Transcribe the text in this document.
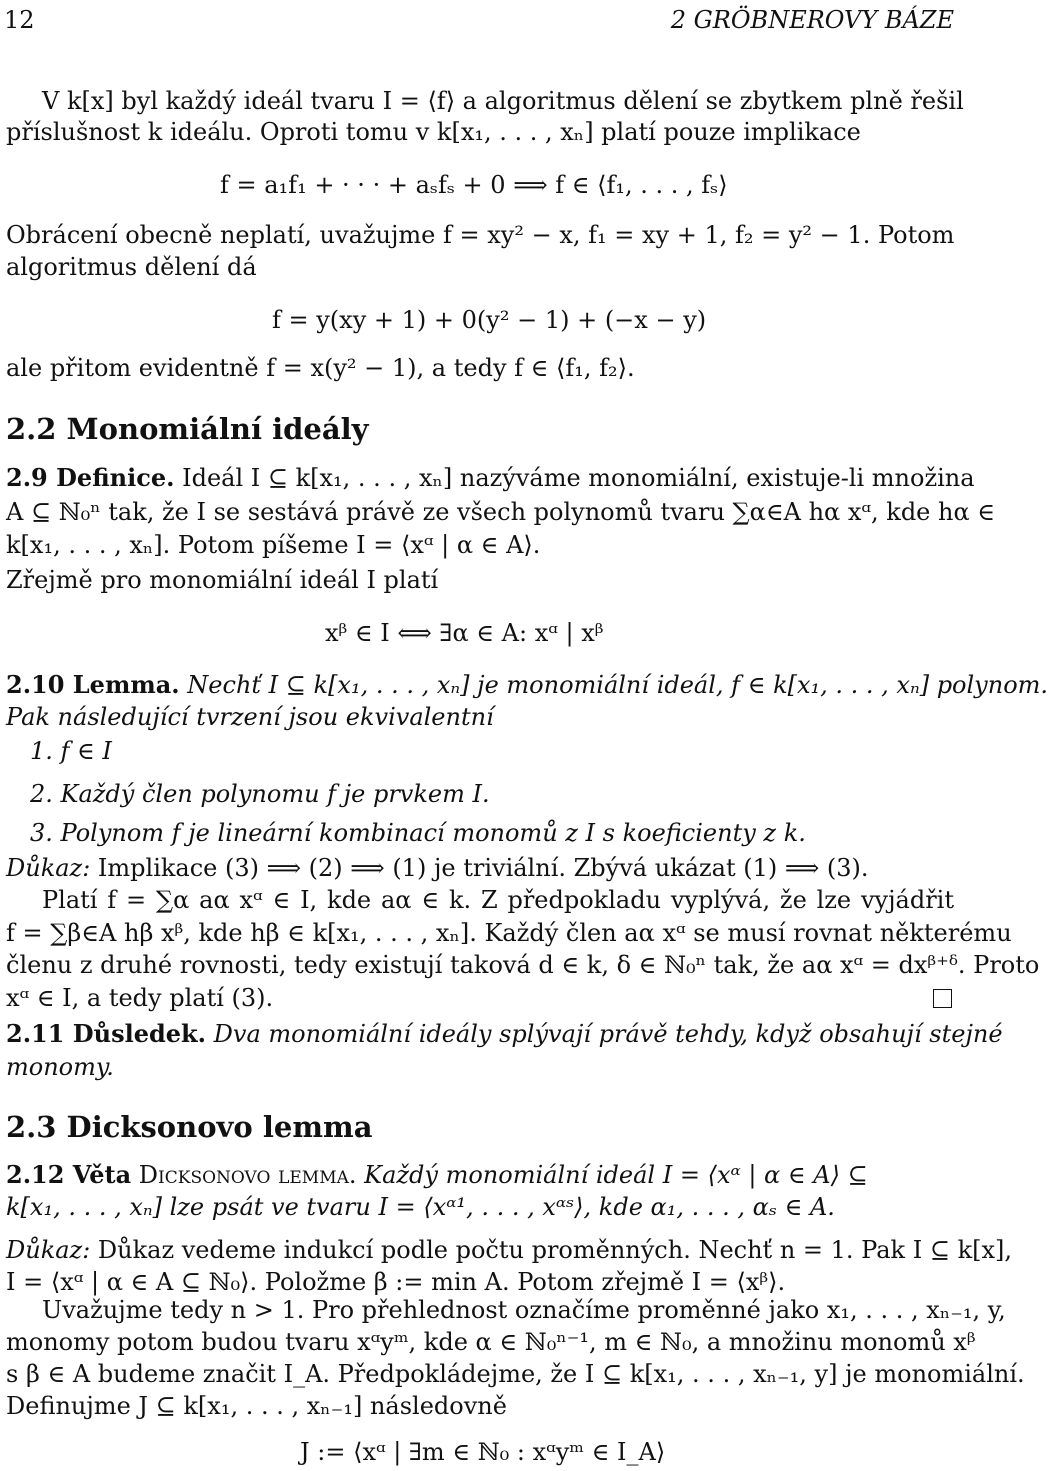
12	2 GRÖBNEROVY BÁZE
V k[x] byl každý ideál tvaru I = ⟨f⟩ a algoritmus dělení se zbytkem plně řešil
příslušnost k ideálu. Oproti tomu v k[x₁, . . . , xₙ] platí pouze implikace
f = a₁f₁ + · · · + aₛfₛ + 0 ⟹ f ∈ ⟨f₁, . . . , fₛ⟩
Obrácení obecně neplatí, uvažujme f = xy² − x, f₁ = xy + 1, f₂ = y² − 1. Potom
algoritmus dělení dá
f = y(xy + 1) + 0(y² − 1) + (−x − y)
ale přitom evidentně f = x(y² − 1), a tedy f ∈ ⟨f₁, f₂⟩.
2.2 Monomiální ideály
2.9 Definice. Ideál I ⊆ k[x₁, . . . , xₙ] nazýváme monomiální, existuje-li množina
A ⊆ ℕ₀ⁿ tak, že I se sestává právě ze všech polynomů tvaru ∑α∈A hα xᵅ, kde hα ∈
k[x₁, . . . , xₙ]. Potom píšeme I = ⟨xᵅ | α ∈ A⟩.
Zřejmě pro monomiální ideál I platí
xᵝ ∈ I ⟺ ∃α ∈ A: xᵅ | xᵝ
2.10 Lemma. Nechť I ⊆ k[x₁, . . . , xₙ] je monomiální ideál, f ∈ k[x₁, . . . , xₙ] polynom.
Pak následující tvrzení jsou ekvivalentní
1. f ∈ I
2. Každý člen polynomu f je prvkem I.
3. Polynom f je lineární kombinací monomů z I s koeficienty z k.
Důkaz: Implikace (3) ⟹ (2) ⟹ (1) je triviální. Zbývá ukázat (1) ⟹ (3).
Platí f = ∑α aα xᵅ ∈ I, kde aα ∈ k. Z předpokladu vyplývá, že lze vyjádřit
f = ∑β∈A hβ xᵝ, kde hβ ∈ k[x₁, . . . , xₙ]. Každý člen aα xᵅ se musí rovnat některému
členu z druhé rovnosti, tedy existují taková d ∈ k, δ ∈ ℕ₀ⁿ tak, že aα xᵅ = dxᵝ⁺ᵟ. Proto
xᵅ ∈ I, a tedy platí (3).
2.11 Důsledek. Dva monomiální ideály splývají právě tehdy, když obsahují stejné
monomy.
2.3 Dicksonovo lemma
2.12 Věta Dicksonovo lemma. Každý monomiální ideál I = ⟨xᵅ | α ∈ A⟩ ⊆
k[x₁, . . . , xₙ] lze psát ve tvaru I = ⟨xᵅ¹, . . . , xᵅˢ⟩, kde α₁, . . . , αₛ ∈ A.
Důkaz: Důkaz vedeme indukcí podle počtu proměnných. Nechť n = 1. Pak I ⊆ k[x],
I = ⟨xᵅ | α ∈ A ⊆ ℕ₀⟩. Položme β := min A. Potom zřejmě I = ⟨xᵝ⟩.
Uvažujme tedy n > 1. Pro přehlednost označíme proměnné jako x₁, . . . , xₙ₋₁, y,
monomy potom budou tvaru xᵅyᵐ, kde α ∈ ℕ₀ⁿ⁻¹, m ∈ ℕ₀, a množinu monomů xᵝ
s β ∈ A budeme značit I_A. Předpokládejme, že I ⊆ k[x₁, . . . , xₙ₋₁, y] je monomiální.
Definujme J ⊆ k[x₁, . . . , xₙ₋₁] následovně
J := ⟨xᵅ | ∃m ∈ ℕ₀ : xᵅyᵐ ∈ I_A⟩
